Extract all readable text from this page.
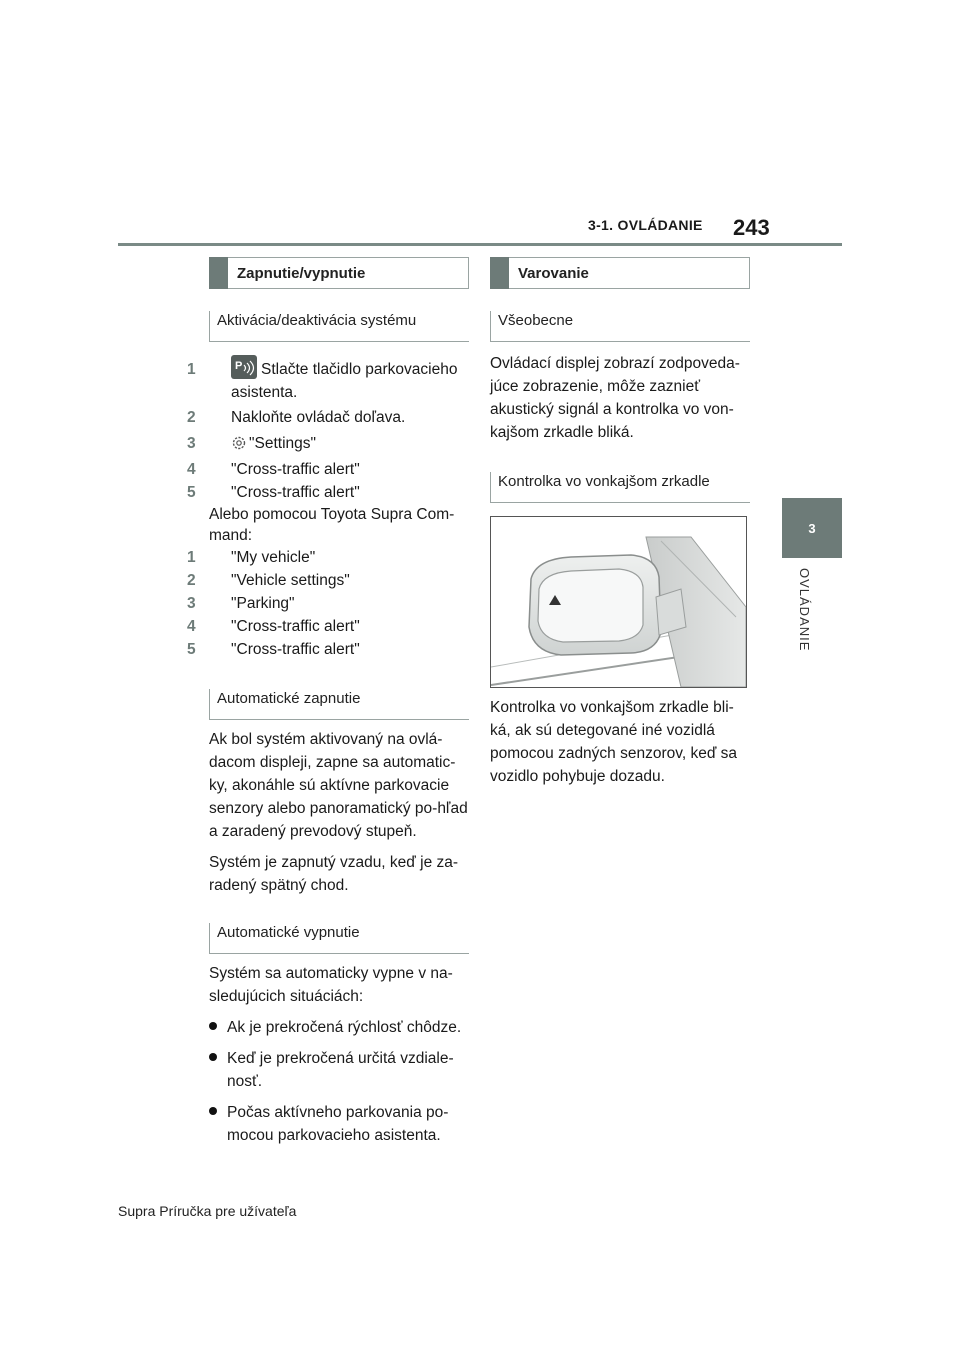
3-1. OVLÁDANIE 243
3
OVLÁDANIE
Zapnutie/vypnutie
Aktivácia/deaktivácia systému

1	P Stlačte tlačidlo parkovacieho asistenta.

2 Nakloňte ovládač doľava.

3	"Settings"

4 "Cross-traffic alert"

5 "Cross-traffic alert"

Alebo pomocou Toyota Supra Com-mand:

1 "My vehicle"

2 "Vehicle settings"

3 "Parking"

4 "Cross-traffic alert"

5 "Cross-traffic alert"

Automatické zapnutie

Ak bol systém aktivovaný na ovlá-dacom displeji, zapne sa automatic-ky, akonáhle sú aktívne parkovacie senzory alebo panoramatický po-hľad a zaradený prevodový stupeň.

Systém je zapnutý vzadu, keď je za-radený spätný chod.

Automatické vypnutie

Systém sa automaticky vypne v na-sledujúcich situáciách:

Ak je prekročená rýchlosť chôdze.

Keď je prekročená určitá vzdiale-nosť.

Počas aktívneho parkovania po-mocou parkovacieho asistenta.

Varovanie
Všeobecne

Ovládací displej zobrazí zodpoveda-júce zobrazenie, môže zaznieť akustický signál a kontrolka vo von-kajšom zrkadle bliká.

Kontrolka vo vonkajšom zrkadle

Kontrolka vo vonkajšom zrkadle bli-ká, ak sú detegované iné vozidlá pomocou zadných senzorov, keď sa vozidlo pohybuje dozadu.

Supra Príručka pre užívateľa
